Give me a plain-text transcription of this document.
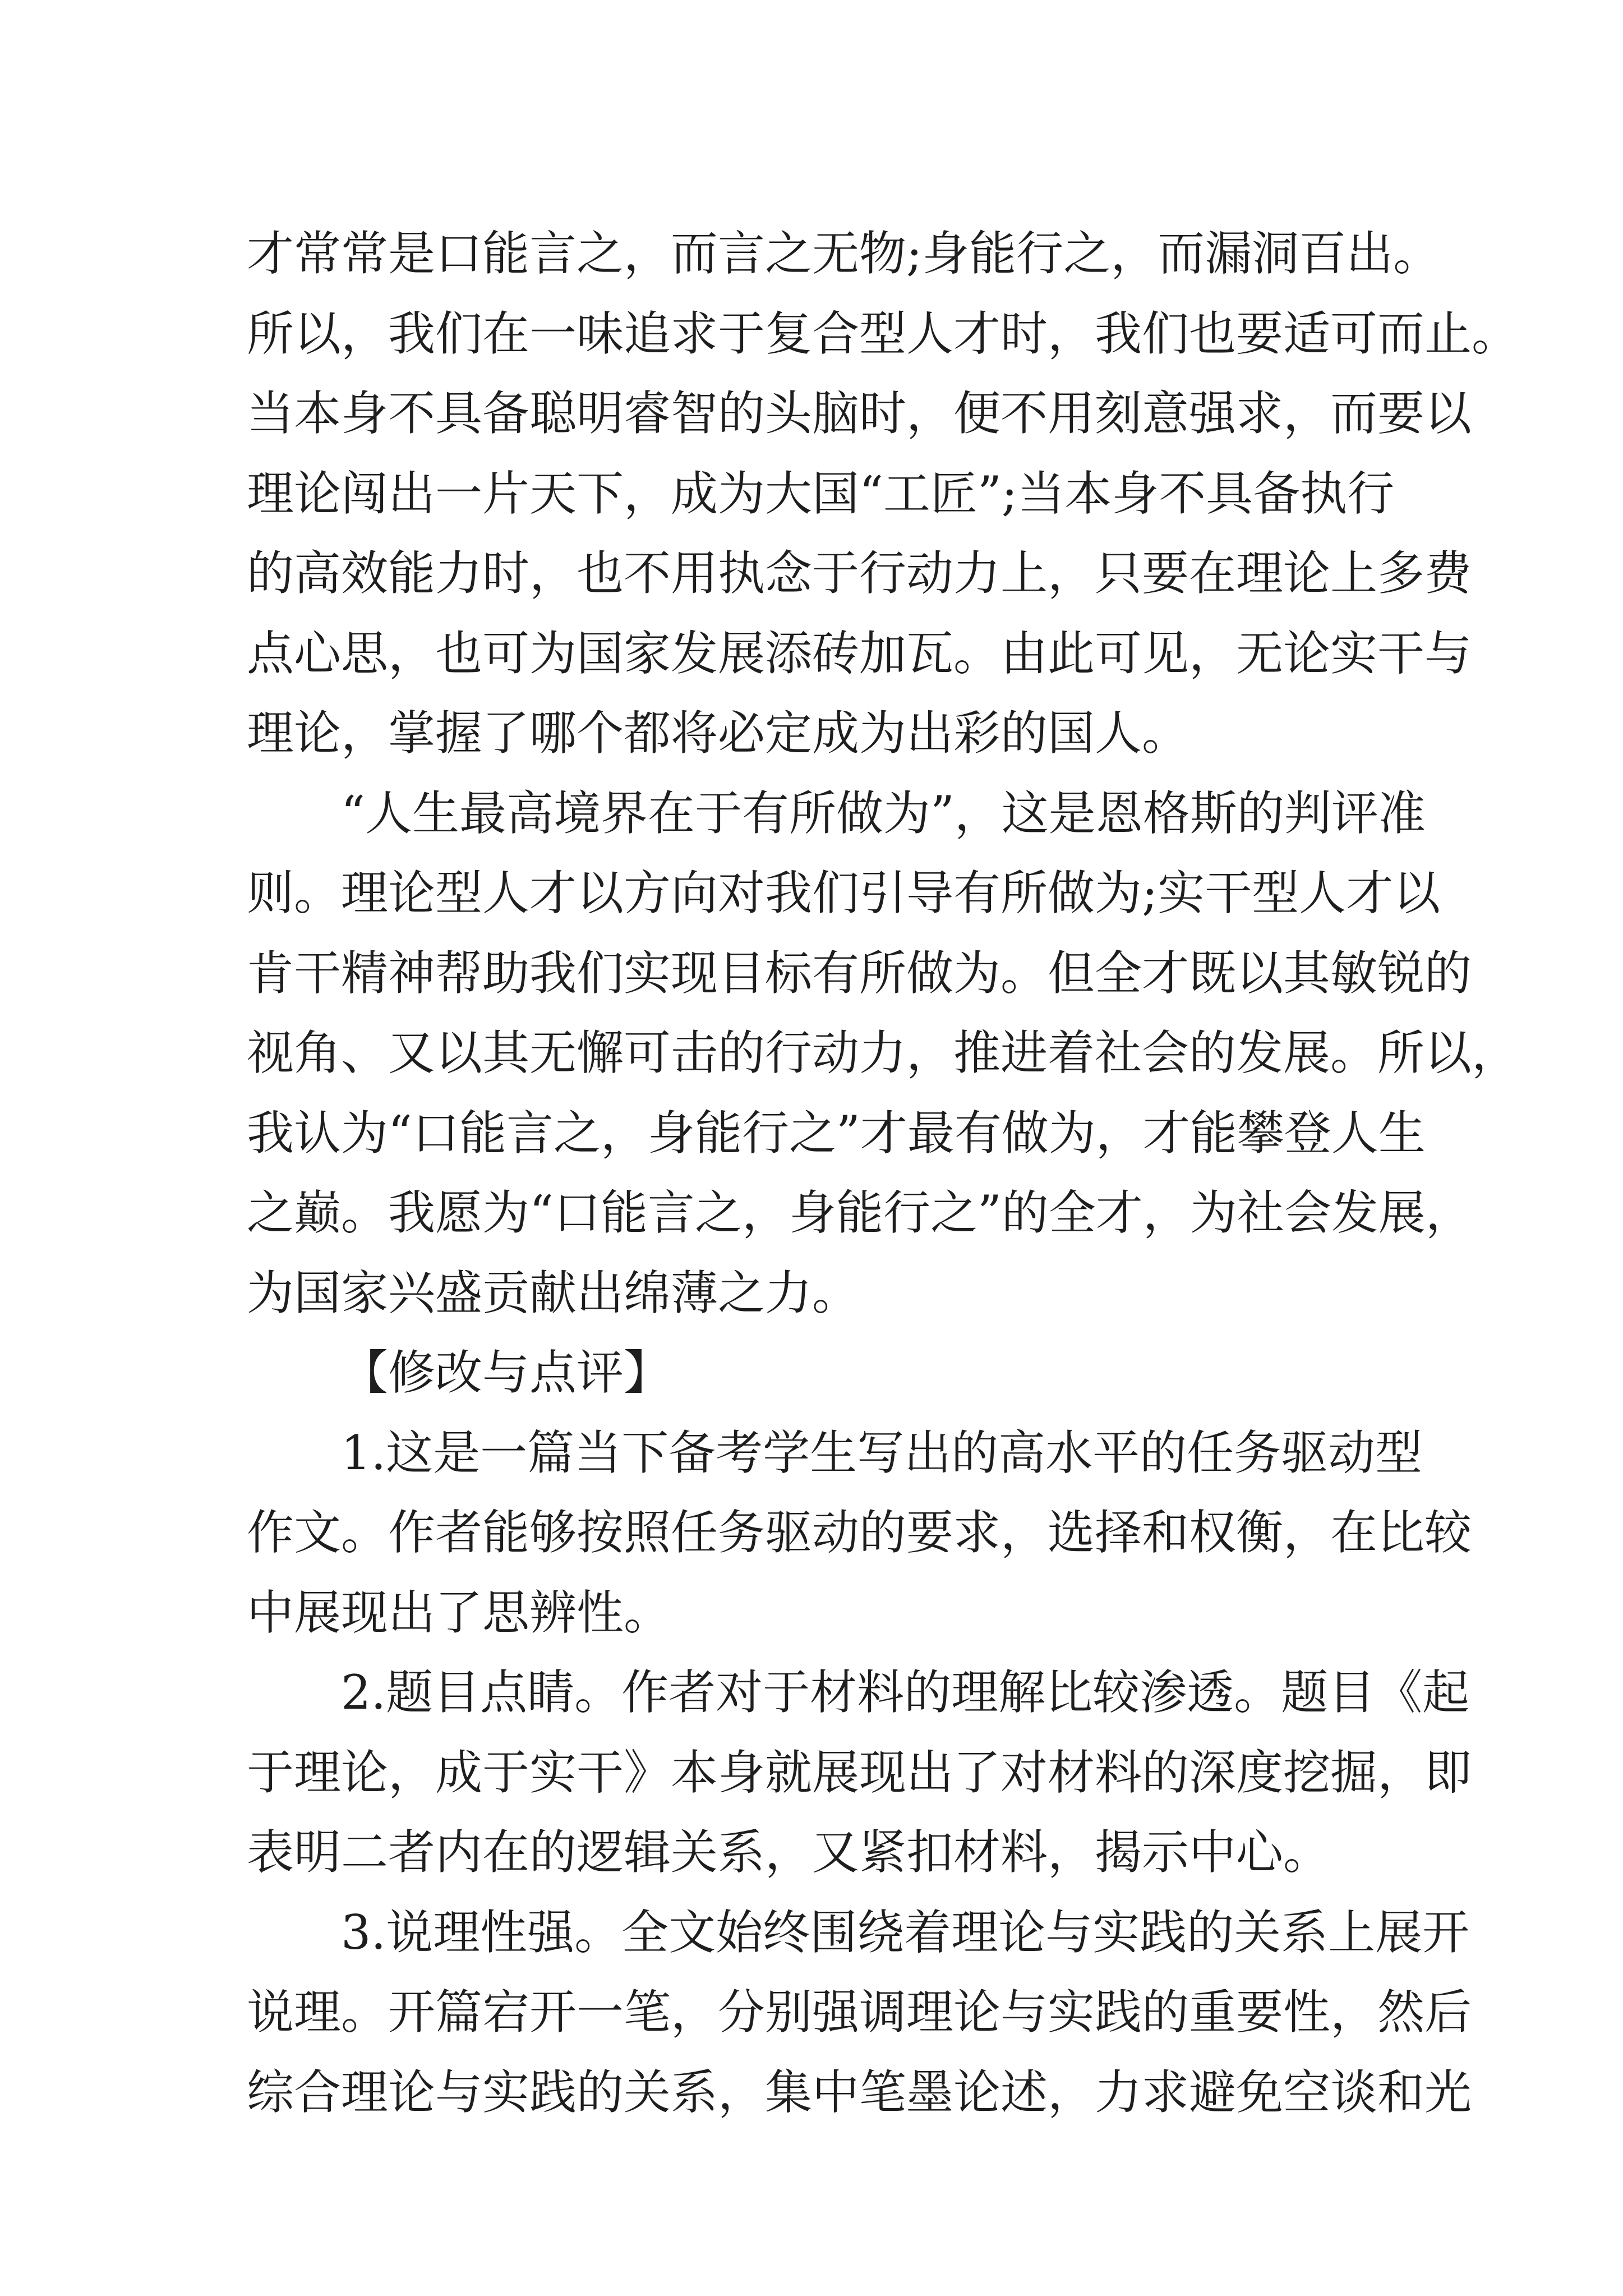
才常常是口能言之，而言之无物;身能行之，而漏洞百出。
所以，我们在一味追求于复合型人才时，我们也要适可而止。
当本身不具备聪明睿智的头脑时，便不用刻意强求，而要以
理论闯出一片天下，成为大国“工匠”;当本身不具备执行
的高效能力时，也不用执念于行动力上，只要在理论上多费
点心思，也可为国家发展添砖加瓦。由此可见，无论实干与
理论，掌握了哪个都将必定成为出彩的国人。
“人生最高境界在于有所做为”，这是恩格斯的判评准
则。理论型人才以方向对我们引导有所做为;实干型人才以
肯干精神帮助我们实现目标有所做为。但全才既以其敏锐的
视角、又以其无懈可击的行动力，推进着社会的发展。所以，
我认为“口能言之，身能行之”才最有做为，才能攀登人生
之巅。我愿为“口能言之，身能行之”的全才，为社会发展，
为国家兴盛贡献出绵薄之力。
【修改与点评】
1.这是一篇当下备考学生写出的高水平的任务驱动型
作文。作者能够按照任务驱动的要求，选择和权衡，在比较
中展现出了思辨性。
2.题目点睛。作者对于材料的理解比较渗透。题目《起
于理论，成于实干》本身就展现出了对材料的深度挖掘，即
表明二者内在的逻辑关系，又紧扣材料，揭示中心。
3.说理性强。全文始终围绕着理论与实践的关系上展开
说理。开篇宕开一笔，分别强调理论与实践的重要性，然后
综合理论与实践的关系，集中笔墨论述，力求避免空谈和光
